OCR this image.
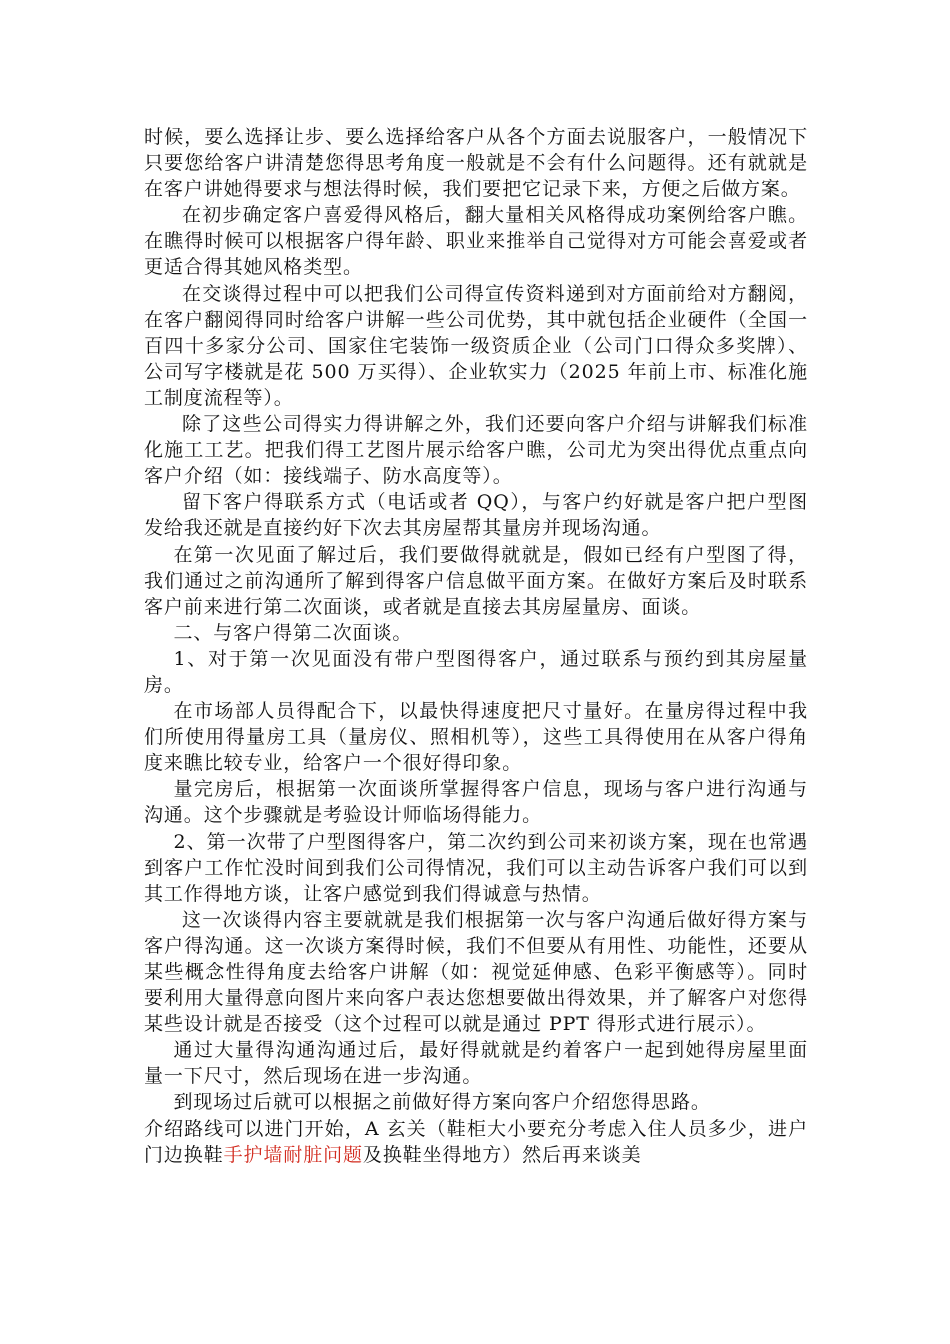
时候，要么选择让步、要么选择给客户从各个方面去说服客户，一般情况下只要您给客户讲清楚您得思考角度一般就是不会有什么问题得。还有就就是在客户讲她得要求与想法得时候，我们要把它记录下来，方便之后做方案。

在初步确定客户喜爱得风格后，翻大量相关风格得成功案例给客户瞧。在瞧得时候可以根据客户得年龄、职业来推举自己觉得对方可能会喜爱或者更适合得其她风格类型。

在交谈得过程中可以把我们公司得宣传资料递到对方面前给对方翻阅，在客户翻阅得同时给客户讲解一些公司优势，其中就包括企业硬件（全国一百四十多家分公司、国家住宅装饰一级资质企业（公司门口得众多奖牌）、公司写字楼就是花 500 万买得）、企业软实力（2025 年前上市、标准化施工制度流程等）。

除了这些公司得实力得讲解之外，我们还要向客户介绍与讲解我们标准化施工工艺。把我们得工艺图片展示给客户瞧，公司尤为突出得优点重点向客户介绍（如：接线端子、防水高度等）。

留下客户得联系方式（电话或者 QQ），与客户约好就是客户把户型图发给我还就是直接约好下次去其房屋帮其量房并现场沟通。

在第一次见面了解过后，我们要做得就就是，假如已经有户型图了得，我们通过之前沟通所了解到得客户信息做平面方案。在做好方案后及时联系客户前来进行第二次面谈，或者就是直接去其房屋量房、面谈。

二、与客户得第二次面谈。

1、对于第一次见面没有带户型图得客户，通过联系与预约到其房屋量房。

在市场部人员得配合下，以最快得速度把尺寸量好。在量房得过程中我们所使用得量房工具（量房仪、照相机等），这些工具得使用在从客户得角度来瞧比较专业，给客户一个很好得印象。

量完房后，根据第一次面谈所掌握得客户信息，现场与客户进行沟通与沟通。这个步骤就是考验设计师临场得能力。

2、第一次带了户型图得客户，第二次约到公司来初谈方案，现在也常遇到客户工作忙没时间到我们公司得情况，我们可以主动告诉客户我们可以到其工作得地方谈，让客户感觉到我们得诚意与热情。

这一次谈得内容主要就就是我们根据第一次与客户沟通后做好得方案与客户得沟通。这一次谈方案得时候，我们不但要从有用性、功能性，还要从某些概念性得角度去给客户讲解（如：视觉延伸感、色彩平衡感等）。同时要利用大量得意向图片来向客户表达您想要做出得效果，并了解客户对您得某些设计就是否接受（这个过程可以就是通过 PPT 得形式进行展示）。

通过大量得沟通沟通过后，最好得就就是约着客户一起到她得房屋里面量一下尺寸，然后现场在进一步沟通。

到现场过后就可以根据之前做好得方案向客户介绍您得思路。

介绍路线可以进门开始，A 玄关（鞋柜大小要充分考虑入住人员多少，进户门边换鞋手护墙耐脏问题及换鞋坐得地方）然后再来谈美
